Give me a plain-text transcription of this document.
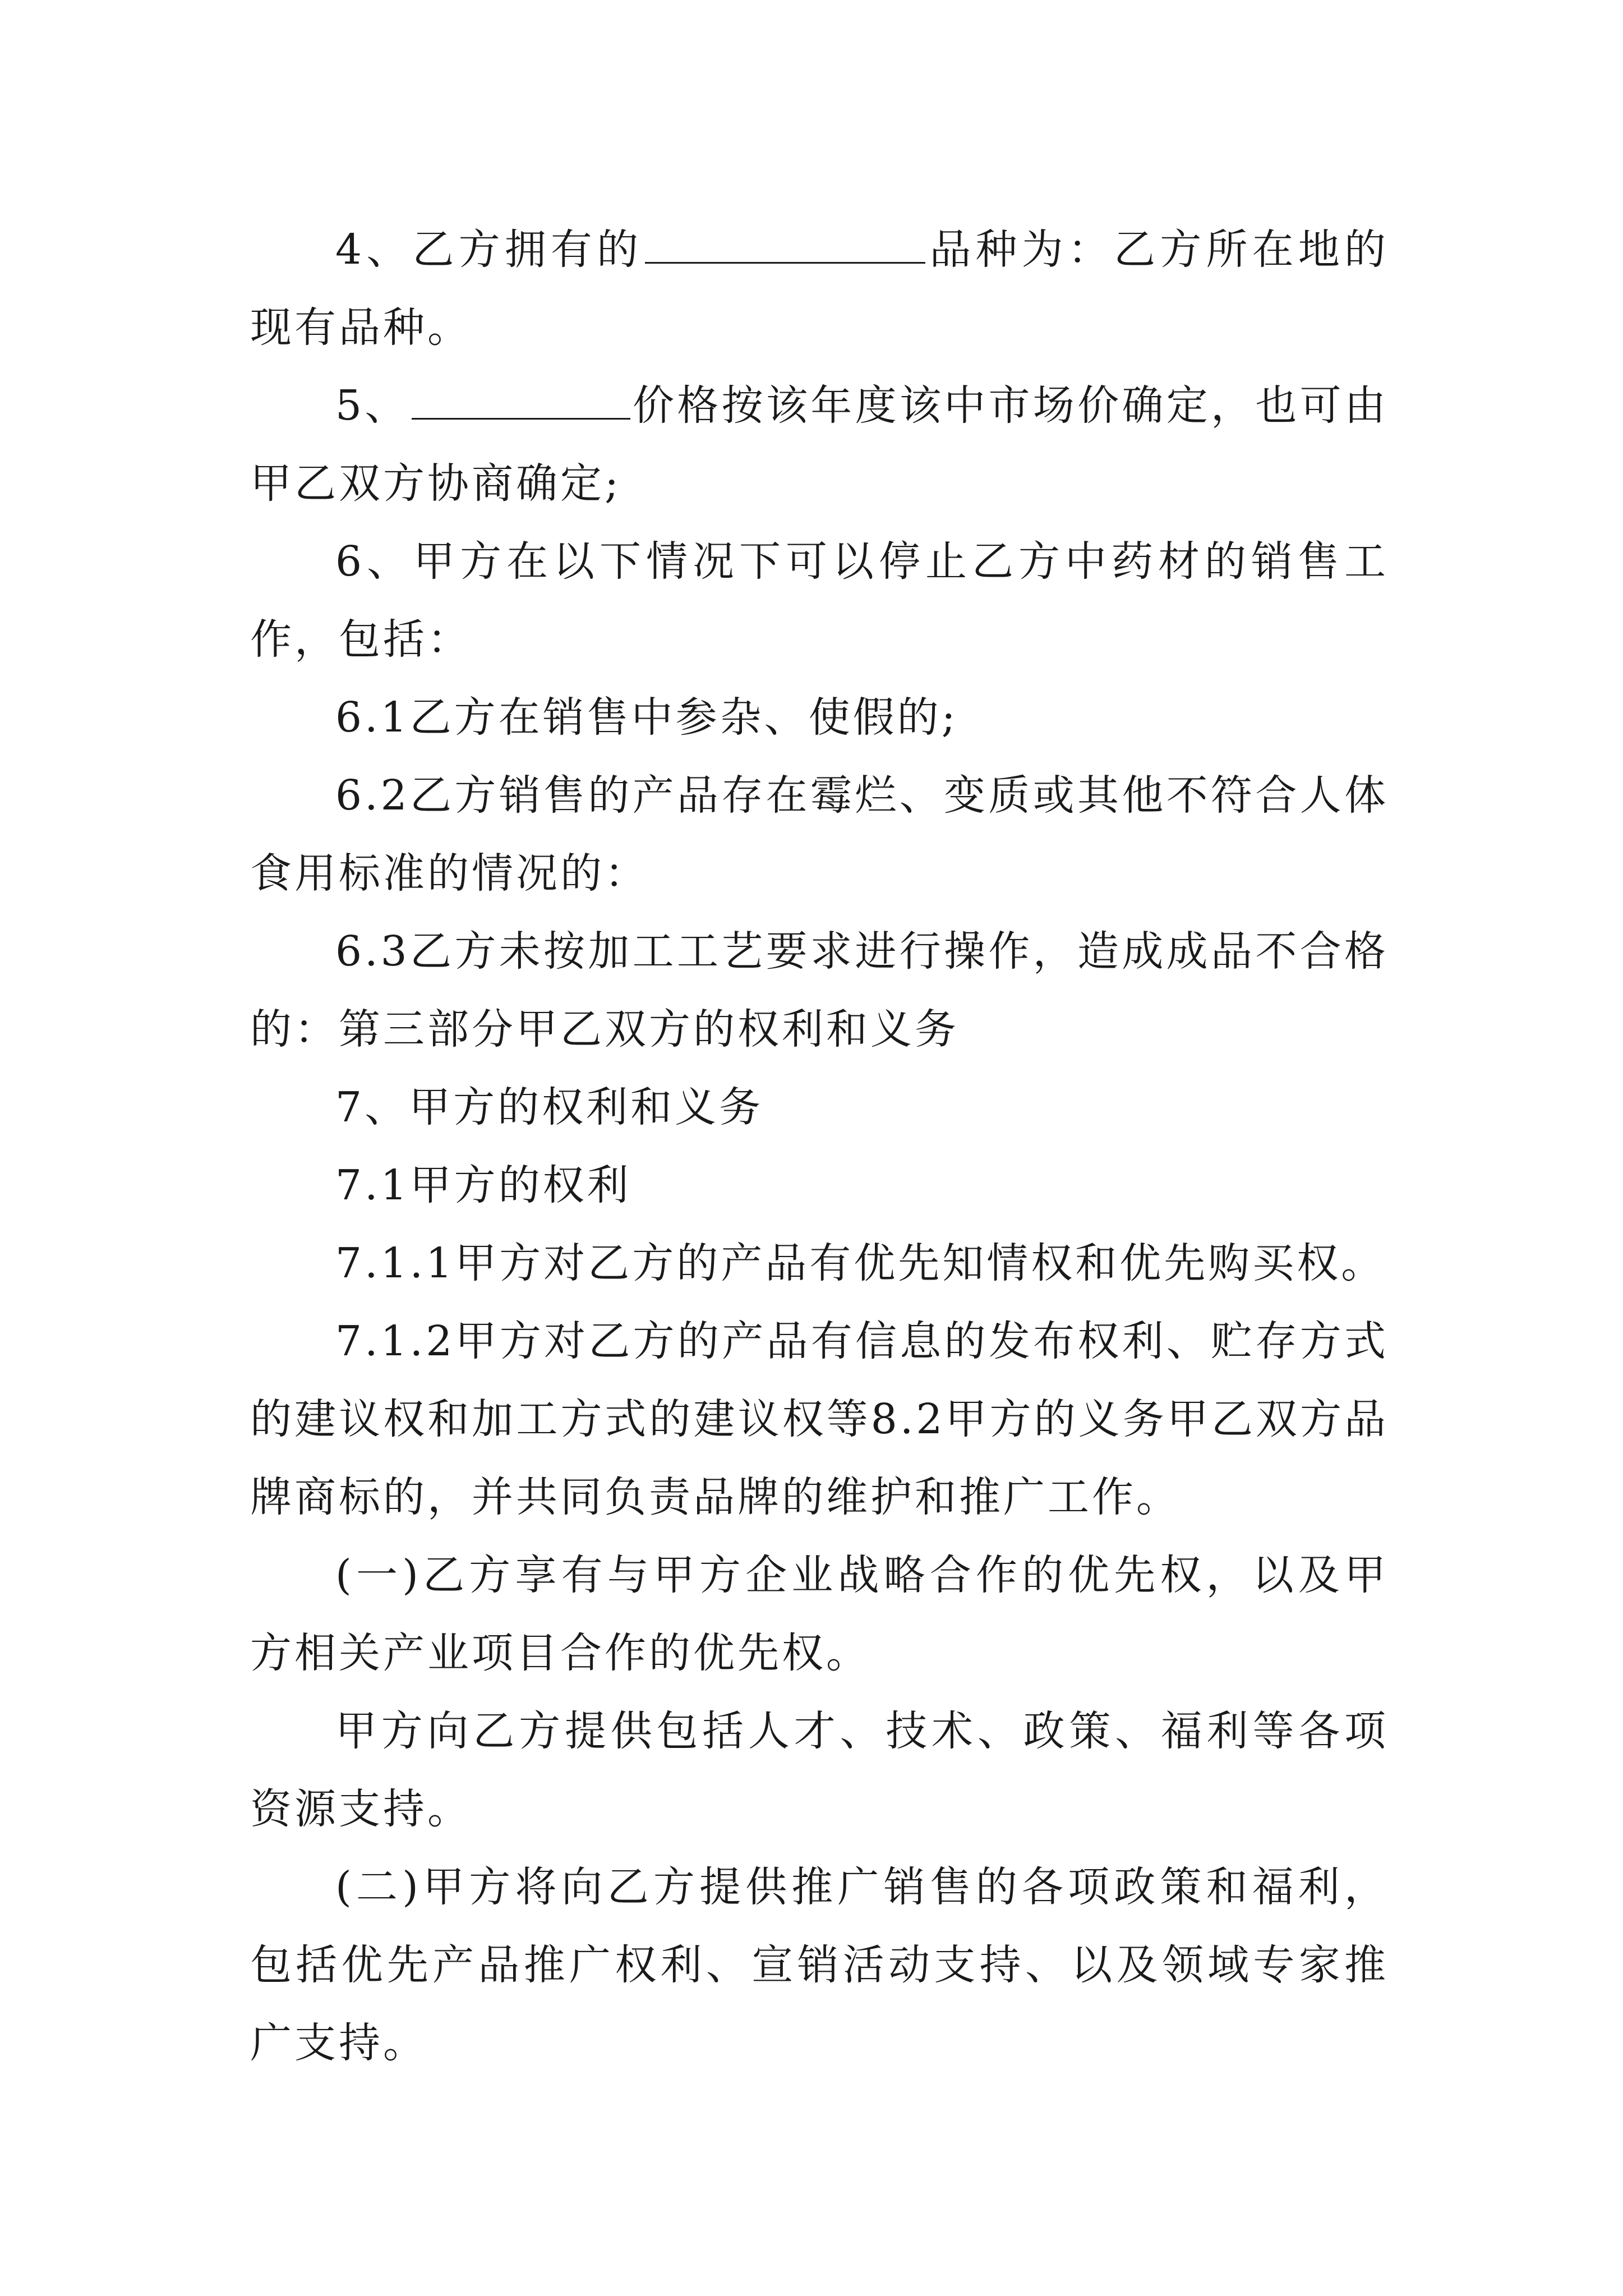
4、乙方拥有的	品种为：乙方所在地的现有品种。

5、	价格按该年度该中市场价确定，也可由甲乙双方协商确定;

6、甲方在以下情况下可以停止乙方中药材的销售工作，包括：

6.1乙方在销售中参杂、使假的;

6.2乙方销售的产品存在霉烂、变质或其他不符合人体食用标准的情况的：

6.3乙方未按加工工艺要求进行操作，造成成品不合格的：第三部分甲乙双方的权利和义务

7、甲方的权利和义务

7.1甲方的权利

7.1.1甲方对乙方的产品有优先知情权和优先购买权。

7.1.2甲方对乙方的产品有信息的发布权利、贮存方式的建议权和加工方式的建议权等8.2甲方的义务甲乙双方品牌商标的，并共同负责品牌的维护和推广工作。

(一)乙方享有与甲方企业战略合作的优先权，以及甲方相关产业项目合作的优先权。

甲方向乙方提供包括人才、技术、政策、福利等各项资源支持。

(二)甲方将向乙方提供推广销售的各项政策和福利，包括优先产品推广权利、宣销活动支持、以及领域专家推广支持。
